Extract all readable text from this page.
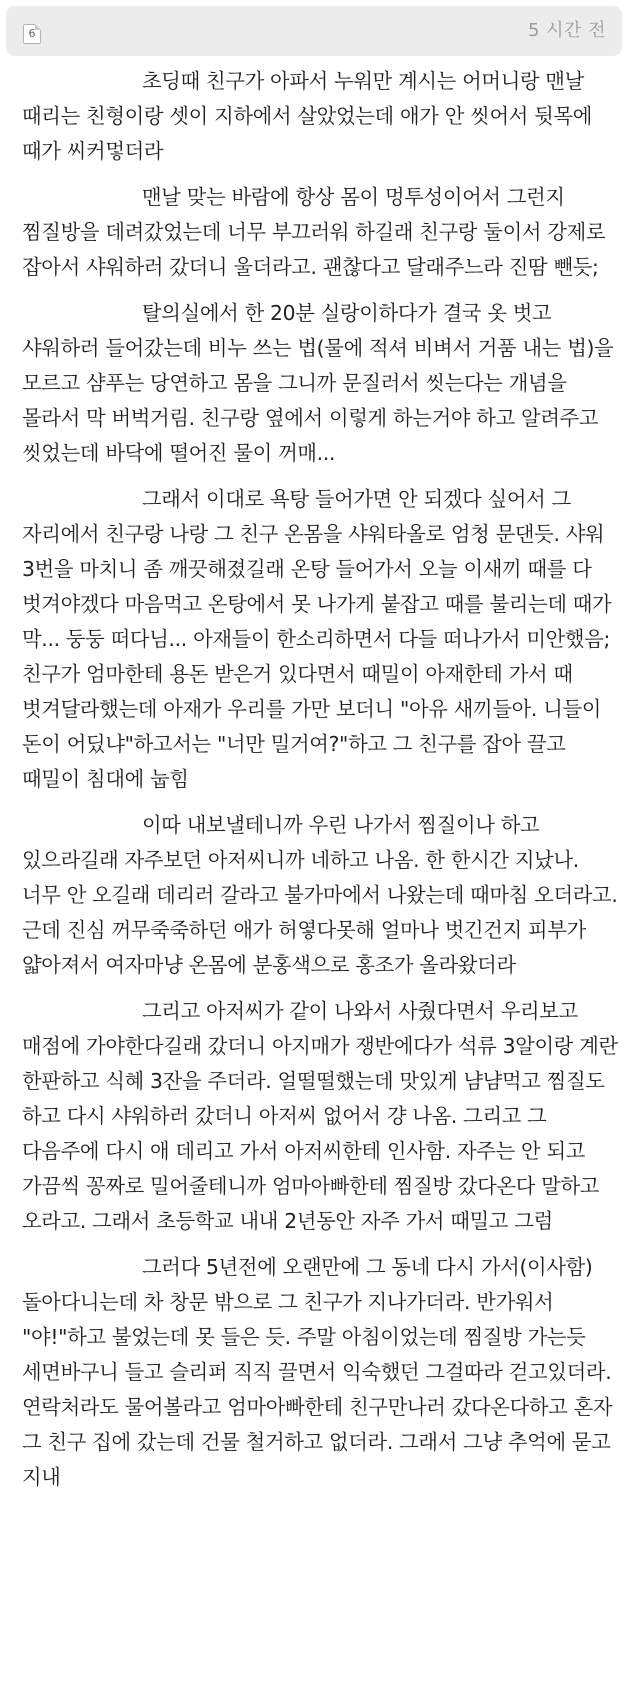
6	5 시간 전

초딩때 친구가 아파서 누워만 계시는 어머니랑 맨날 때리는 친형이랑 셋이 지하에서 살았었는데 애가 안 씻어서 뒷목에 때가 씨커멓더라

맨날 맞는 바람에 항상 몸이 멍투성이어서 그런지 찜질방을 데려갔었는데 너무 부끄러워 하길래 친구랑 둘이서 강제로 잡아서 샤워하러 갔더니 울더라고. 괜찮다고 달래주느라 진땀 뺀듯;

탈의실에서 한 20분 실랑이하다가 결국 옷 벗고 샤워하러 들어갔는데 비누 쓰는 법(물에 적셔 비벼서 거품 내는 법)을 모르고 샴푸는 당연하고 몸을 그니까 문질러서 씻는다는 개념을 몰라서 막 버벅거림. 친구랑 옆에서 이렇게 하는거야 하고 알려주고 씻었는데 바닥에 떨어진 물이 꺼매...

그래서 이대로 욕탕 들어가면 안 되겠다 싶어서 그 자리에서 친구랑 나랑 그 친구 온몸을 샤워타올로 엄청 문댄듯. 샤워 3번을 마치니 좀 깨끗해졌길래 온탕 들어가서 오늘 이새끼 때를 다 벗겨야겠다 마음먹고 온탕에서 못 나가게 붙잡고 때를 불리는데 때가 막... 둥둥 떠다님... 아재들이 한소리하면서 다들 떠나가서 미안했음; 친구가 엄마한테 용돈 받은거 있다면서 때밀이 아재한테 가서 때 벗겨달라했는데 아재가 우리를 가만 보더니 "아유 새끼들아. 니들이 돈이 어딨냐"하고서는 "너만 밀거여?"하고 그 친구를 잡아 끌고 때밀이 침대에 눕힘

이따 내보낼테니까 우린 나가서 찜질이나 하고 있으라길래 자주보던 아저씨니까 네하고 나옴. 한 한시간 지났나. 너무 안 오길래 데리러 갈라고 불가마에서 나왔는데 때마침 오더라고. 근데 진심 꺼무죽죽하던 애가 허옇다못해 얼마나 벗긴건지 피부가 얇아져서 여자마냥 온몸에 분홍색으로 홍조가 올라왔더라

그리고 아저씨가 같이 나와서 사줬다면서 우리보고 매점에 가야한다길래 갔더니 아지매가 쟁반에다가 석류 3알이랑 계란 한판하고 식혜 3잔을 주더라. 얼떨떨했는데 맛있게 냠냠먹고 찜질도 하고 다시 샤워하러 갔더니 아저씨 없어서 걍 나옴. 그리고 그 다음주에 다시 애 데리고 가서 아저씨한테 인사함. 자주는 안 되고 가끔씩 꽁짜로 밀어줄테니까 엄마아빠한테 찜질방 갔다온다 말하고 오라고. 그래서 초등학교 내내 2년동안 자주 가서 때밀고 그럼

그러다 5년전에 오랜만에 그 동네 다시 가서(이사함) 돌아다니는데 차 창문 밖으로 그 친구가 지나가더라. 반가워서 "야!"하고 불었는데 못 들은 듯. 주말 아침이었는데 찜질방 가는듯 세면바구니 들고 슬리퍼 직직 끌면서 익숙했던 그걸따라 걷고있더라. 연락처라도 물어볼라고 엄마아빠한테 친구만나러 갔다온다하고 혼자 그 친구 집에 갔는데 건물 철거하고 없더라. 그래서 그냥 추억에 묻고 지내
